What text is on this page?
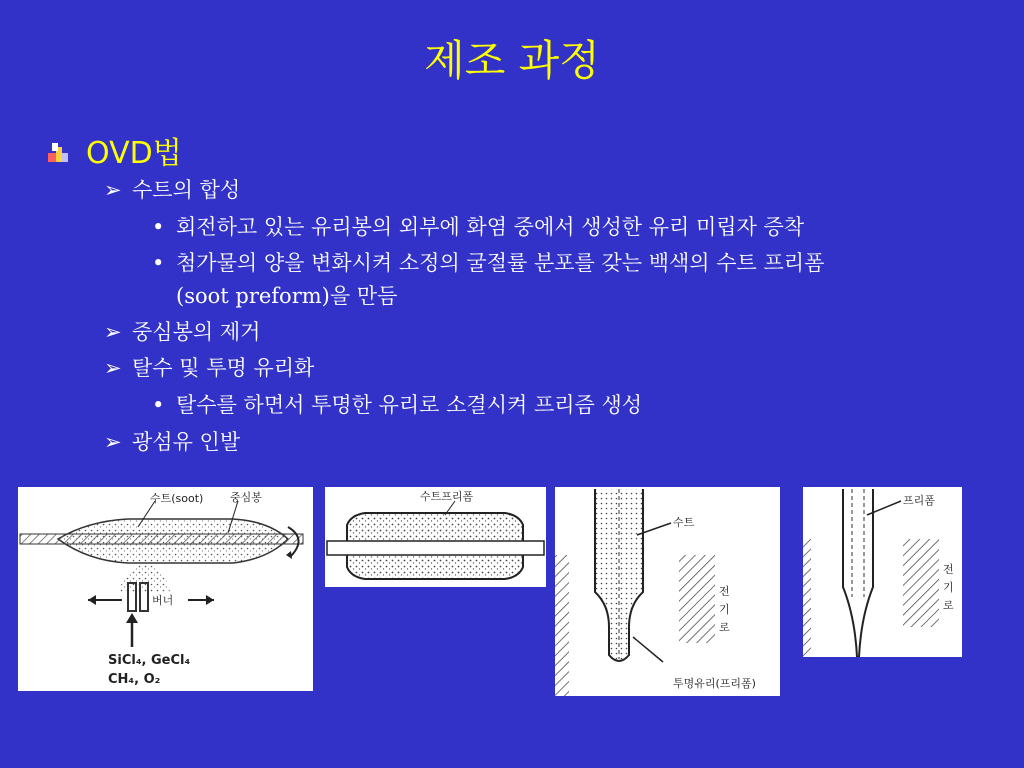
제조 과정
OVD법
➢ 수트의 합성
• 회전하고 있는 유리봉의 외부에 화염 중에서 생성한 유리 미립자 증착
• 첨가물의 양을 변화시켜 소정의 굴절률 분포를 갖는 백색의 수트 프리폼
(soot preform)을 만듬
➢ 중심봉의 제거
➢ 탈수 및 투명 유리화
• 탈수를 하면서 투명한 유리로 소결시켜 프리즘 생성
➢ 광섬유 인발
수트(soot) 중심봉
버너
SiCl₄, GeCl₄
CH₄, O₂
수트프리폼
수트
전
기
로
투명유리(프리폼)
프리폼
전
기
로
